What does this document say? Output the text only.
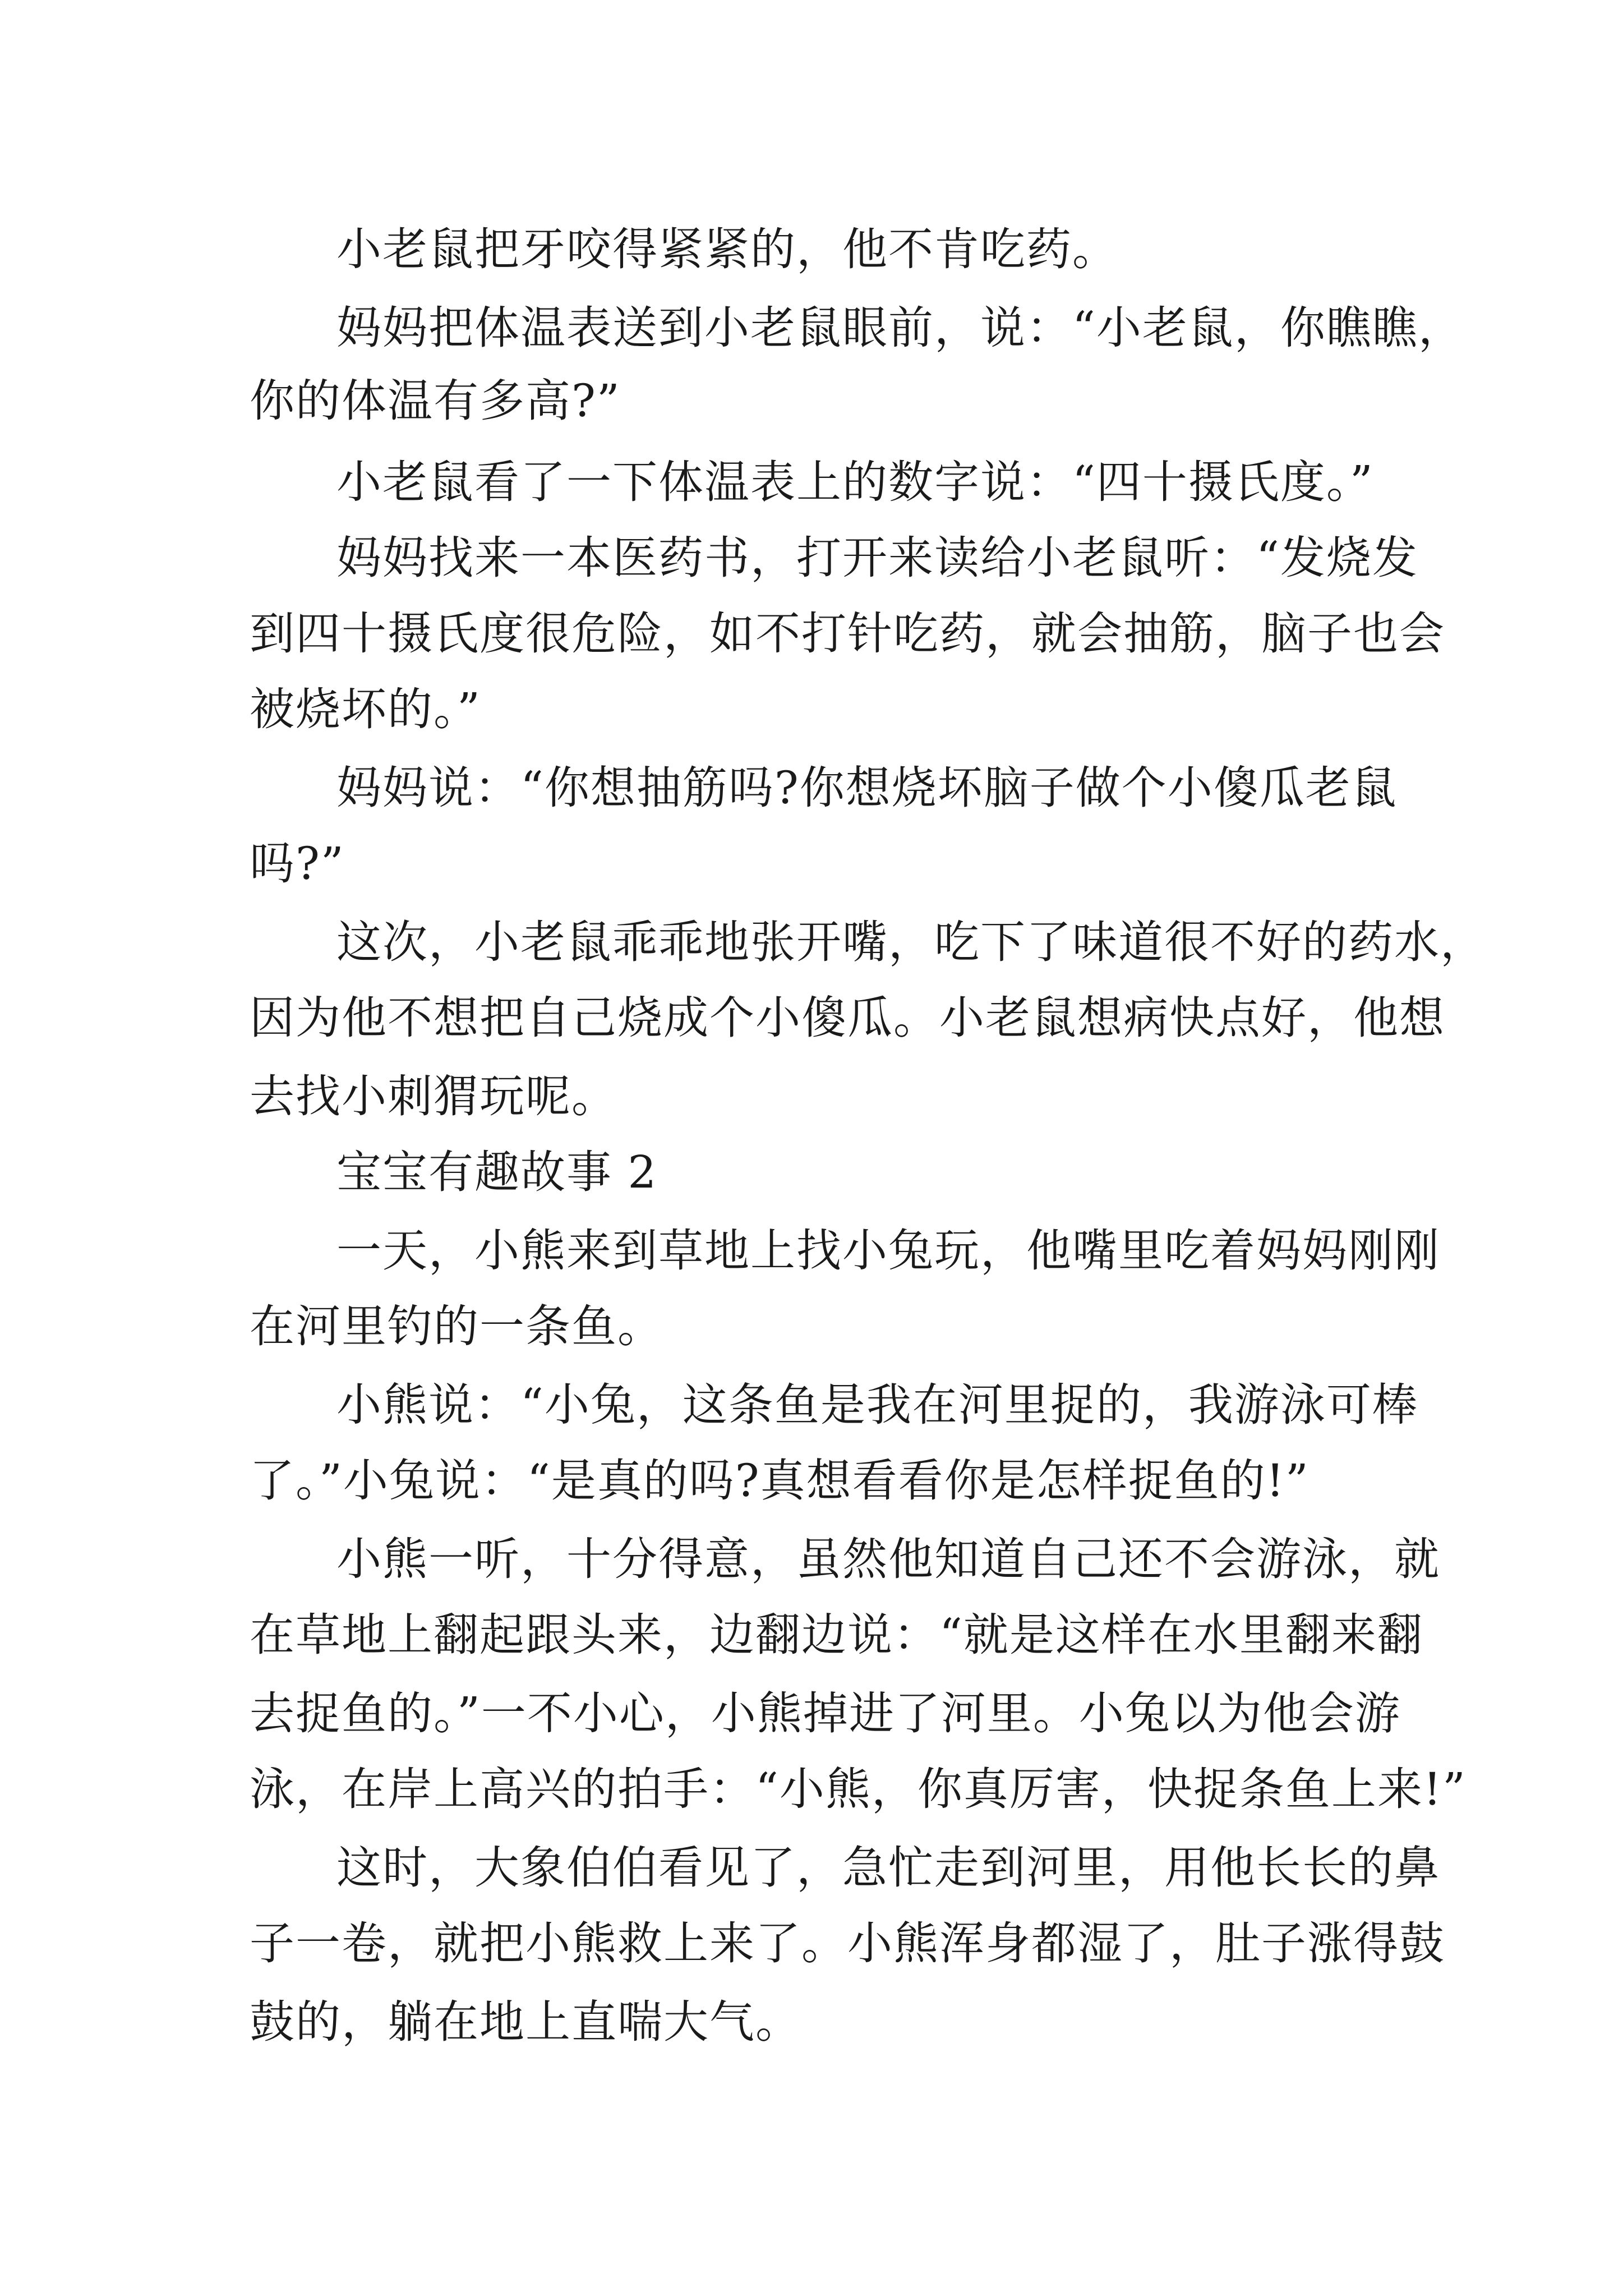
小老鼠把牙咬得紧紧的，他不肯吃药。
妈妈把体温表送到小老鼠眼前，说：“小老鼠，你瞧瞧，
你的体温有多高?”
小老鼠看了一下体温表上的数字说：“四十摄氏度。”
妈妈找来一本医药书，打开来读给小老鼠听：“发烧发
到四十摄氏度很危险，如不打针吃药，就会抽筋，脑子也会
被烧坏的。”
妈妈说：“你想抽筋吗?你想烧坏脑子做个小傻瓜老鼠
吗?”
这次，小老鼠乖乖地张开嘴，吃下了味道很不好的药水，
因为他不想把自己烧成个小傻瓜。小老鼠想病快点好，他想
去找小刺猬玩呢。
宝宝有趣故事 2
一天，小熊来到草地上找小兔玩，他嘴里吃着妈妈刚刚
在河里钓的一条鱼。
小熊说：“小兔，这条鱼是我在河里捉的，我游泳可棒
了。”小兔说：“是真的吗?真想看看你是怎样捉鱼的!”
小熊一听，十分得意，虽然他知道自己还不会游泳，就
在草地上翻起跟头来，边翻边说：“就是这样在水里翻来翻
去捉鱼的。”一不小心，小熊掉进了河里。小兔以为他会游
泳，在岸上高兴的拍手：“小熊，你真厉害，快捉条鱼上来!”
这时，大象伯伯看见了，急忙走到河里，用他长长的鼻
子一卷，就把小熊救上来了。小熊浑身都湿了，肚子涨得鼓
鼓的，躺在地上直喘大气。
